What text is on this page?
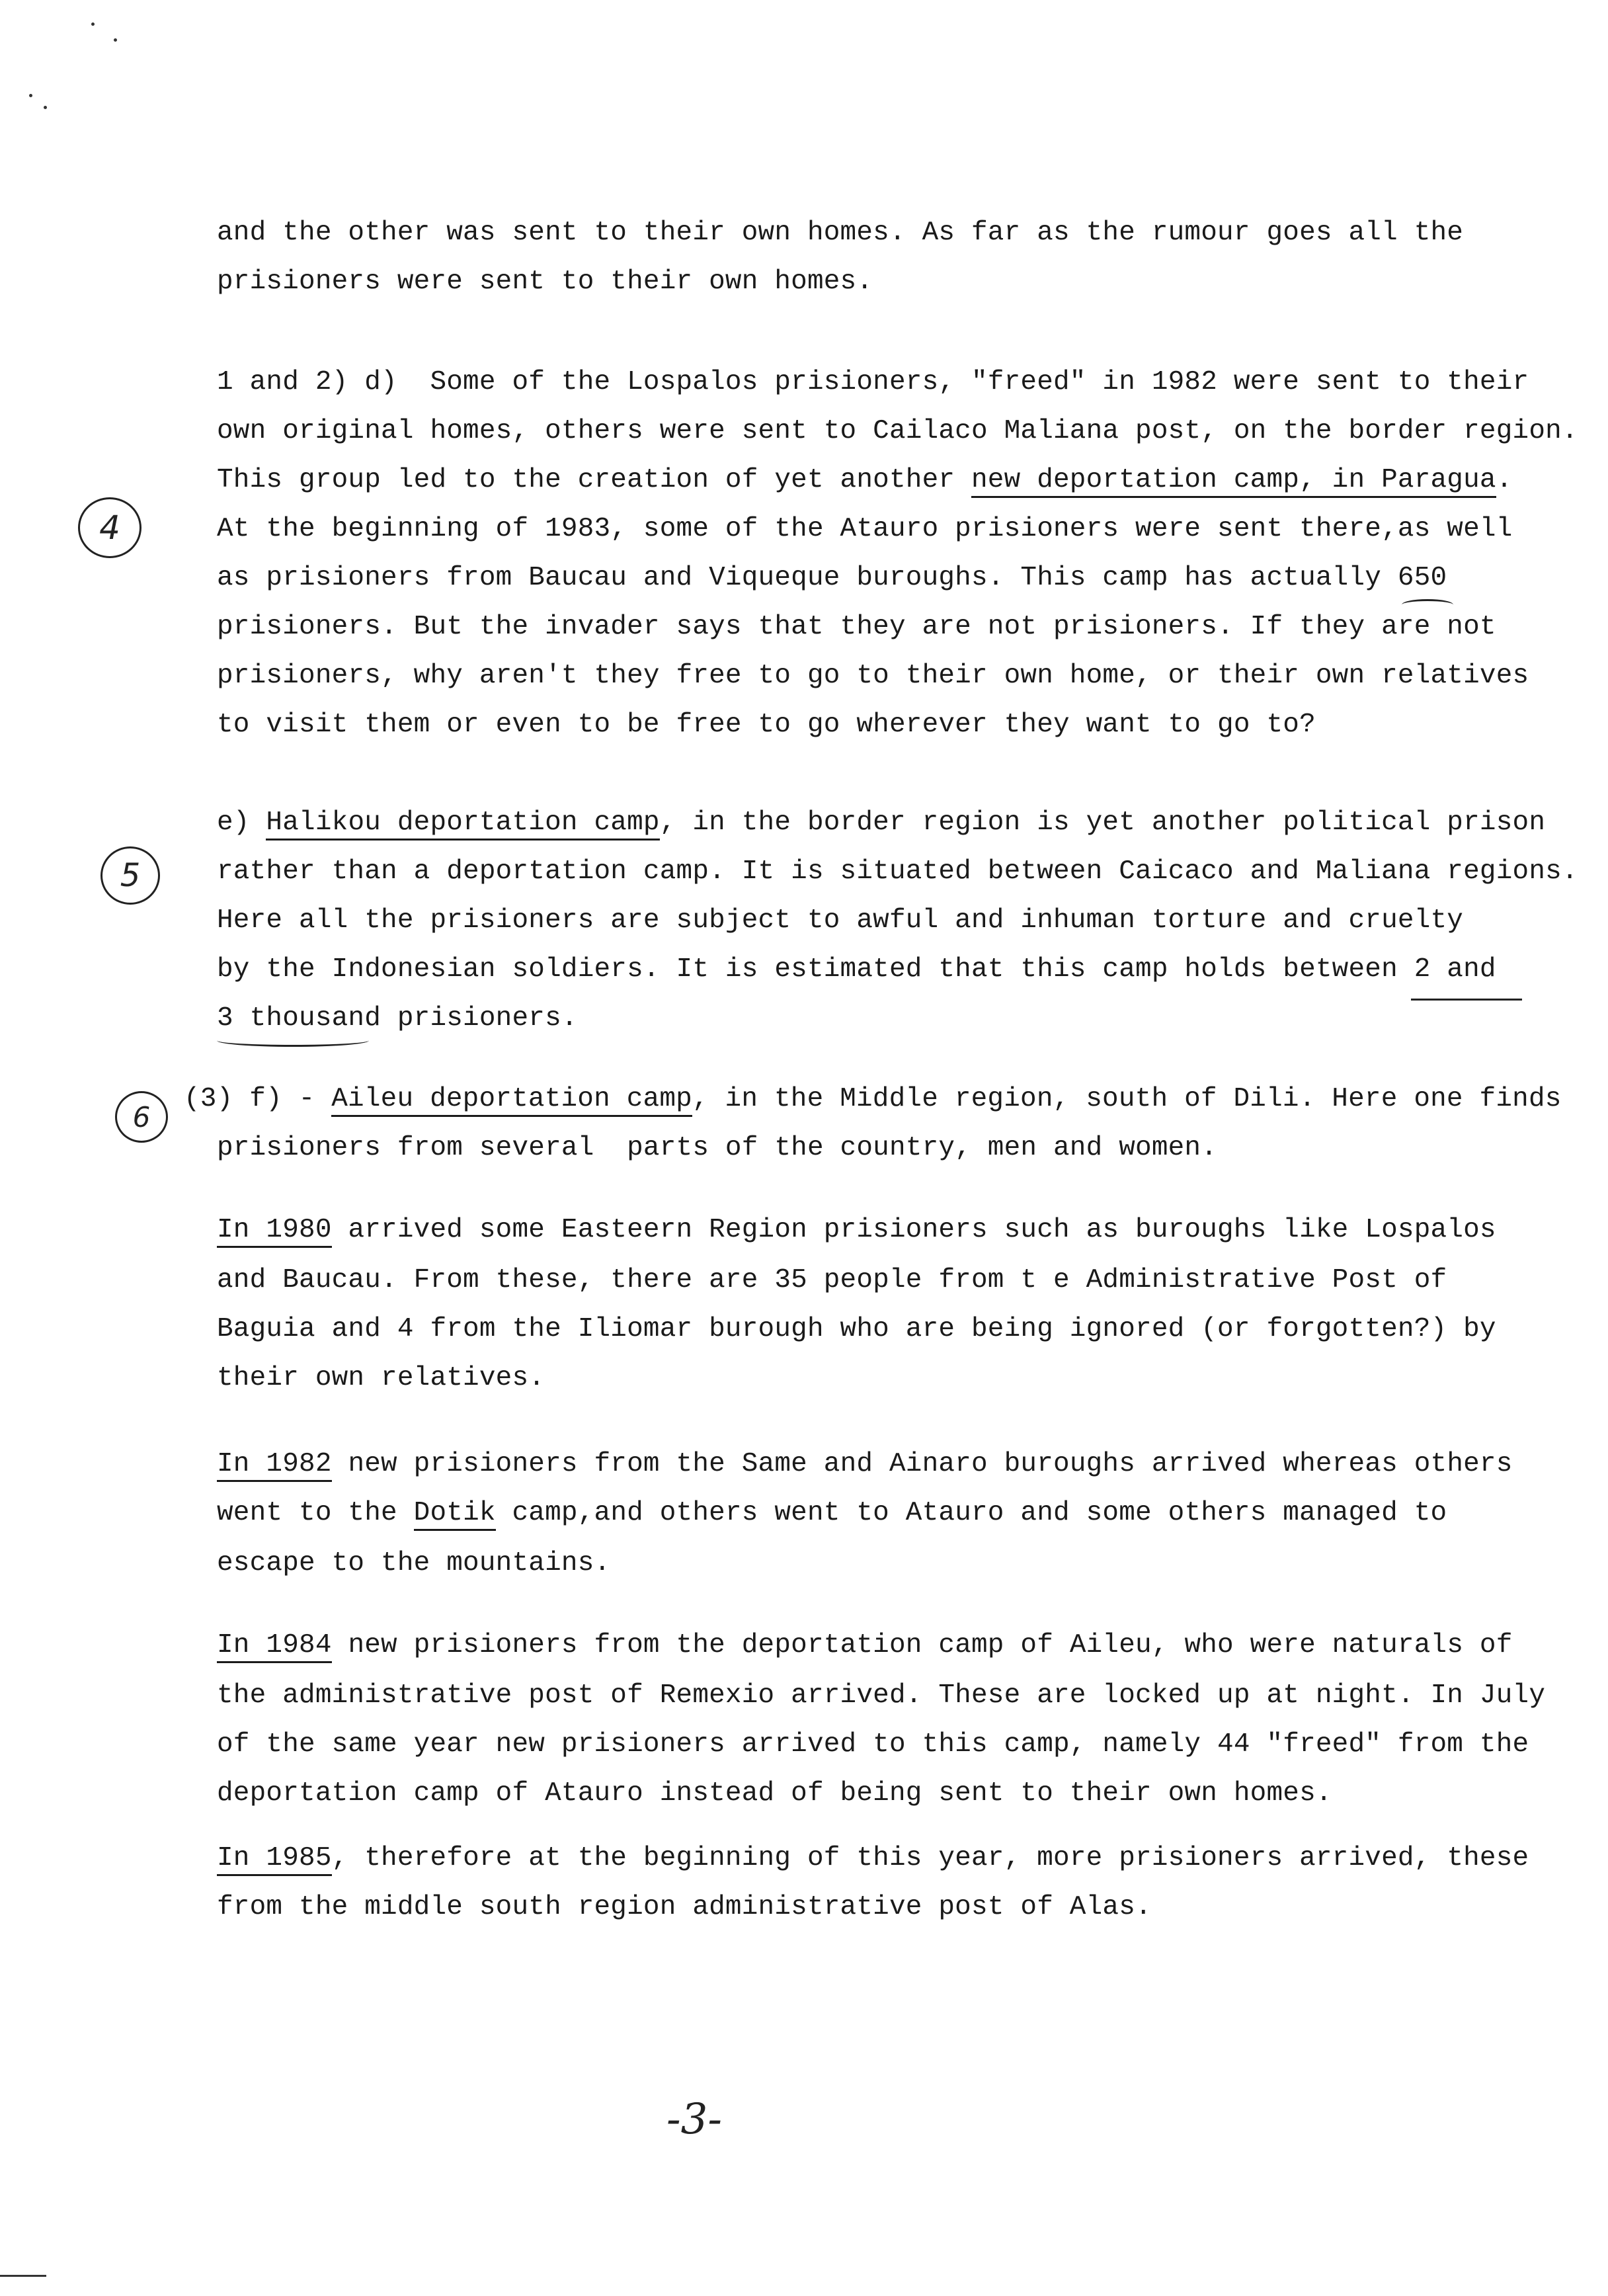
and the other was sent to their own homes. As far as the rumour goes all the
prisioners were sent to their own homes.
1 and 2) d)  Some of the Lospalos prisioners, "freed" in 1982 were sent to their
own original homes, others were sent to Cailaco Maliana post, on the border region.
This group led to the creation of yet another new deportation camp, in Paragua.
At the beginning of 1983, some of the Atauro prisioners were sent there,as well
as prisioners from Baucau and Viqueque buroughs. This camp has actually 650
prisioners. But the invader says that they are not prisioners. If they are not
prisioners, why aren't they free to go to their own home, or their own relatives
to visit them or even to be free to go wherever they want to go to?
e) Halikou deportation camp, in the border region is yet another political prison
rather than a deportation camp. It is situated between Caicaco and Maliana regions.
Here all the prisioners are subject to awful and inhuman torture and cruelty
by the Indonesian soldiers. It is estimated that this camp holds between 2 and
3 thousand prisioners.
(3) f) - Aileu deportation camp, in the Middle region, south of Dili. Here one finds
prisioners from several  parts of the country, men and women.
In 1980 arrived some Easteern Region prisioners such as buroughs like Lospalos
and Baucau. From these, there are 35 people from t e Administrative Post of
Baguia and 4 from the Iliomar burough who are being ignored (or forgotten?) by
their own relatives.
In 1982 new prisioners from the Same and Ainaro buroughs arrived whereas others
went to the Dotik camp,and others went to Atauro and some others managed to
escape to the mountains.
In 1984 new prisioners from the deportation camp of Aileu, who were naturals of
the administrative post of Remexio arrived. These are locked up at night. In July
of the same year new prisioners arrived to this camp, namely 44 "freed" from the
deportation camp of Atauro instead of being sent to their own homes.
In 1985, therefore at the beginning of this year, more prisioners arrived, these
from the middle south region administrative post of Alas.
4
5
6
-3-
